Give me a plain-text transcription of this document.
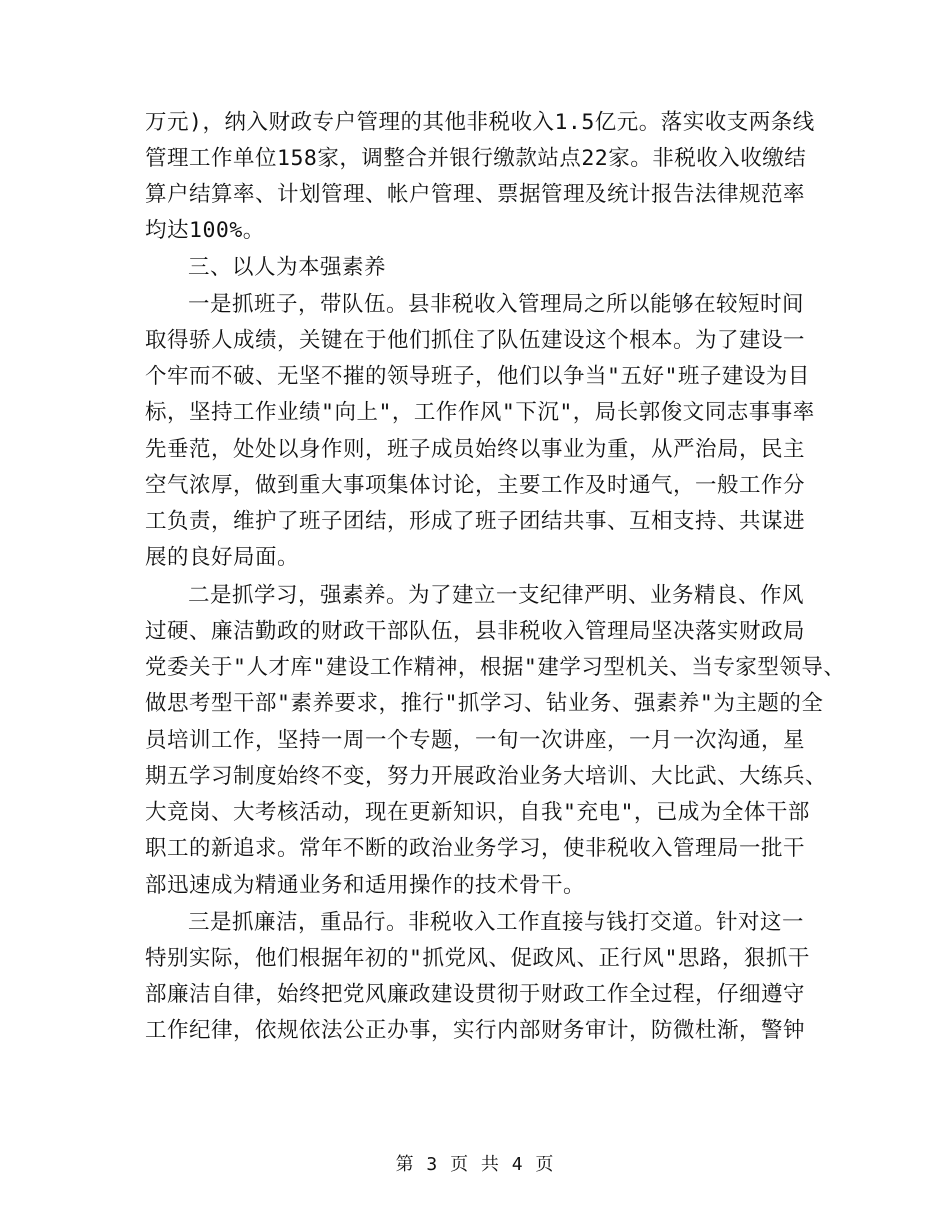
万元)，纳入财政专户管理的其他非税收入1.5亿元。落实收支两条线
管理工作单位158家，调整合并银行缴款站点22家。非税收入收缴结
算户结算率、计划管理、帐户管理、票据管理及统计报告法律规范率
均达100%。
三、以人为本强素养
一是抓班子，带队伍。县非税收入管理局之所以能够在较短时间
取得骄人成绩，关键在于他们抓住了队伍建设这个根本。为了建设一
个牢而不破、无坚不摧的领导班子，他们以争当"五好"班子建设为目
标，坚持工作业绩"向上"，工作作风"下沉"，局长郭俊文同志事事率
先垂范，处处以身作则，班子成员始终以事业为重，从严治局，民主
空气浓厚，做到重大事项集体讨论，主要工作及时通气，一般工作分
工负责，维护了班子团结，形成了班子团结共事、互相支持、共谋进
展的良好局面。
二是抓学习，强素养。为了建立一支纪律严明、业务精良、作风
过硬、廉洁勤政的财政干部队伍，县非税收入管理局坚决落实财政局
党委关于"人才库"建设工作精神，根据"建学习型机关、当专家型领导、
做思考型干部"素养要求，推行"抓学习、钻业务、强素养"为主题的全
员培训工作，坚持一周一个专题，一旬一次讲座，一月一次沟通，星
期五学习制度始终不变，努力开展政治业务大培训、大比武、大练兵、
大竞岗、大考核活动，现在更新知识，自我"充电"，已成为全体干部
职工的新追求。常年不断的政治业务学习，使非税收入管理局一批干
部迅速成为精通业务和适用操作的技术骨干。
三是抓廉洁，重品行。非税收入工作直接与钱打交道。针对这一
特别实际，他们根据年初的"抓党风、促政风、正行风"思路，狠抓干
部廉洁自律，始终把党风廉政建设贯彻于财政工作全过程，仔细遵守
工作纪律，依规依法公正办事，实行内部财务审计，防微杜渐，警钟
第 3 页 共 4 页
